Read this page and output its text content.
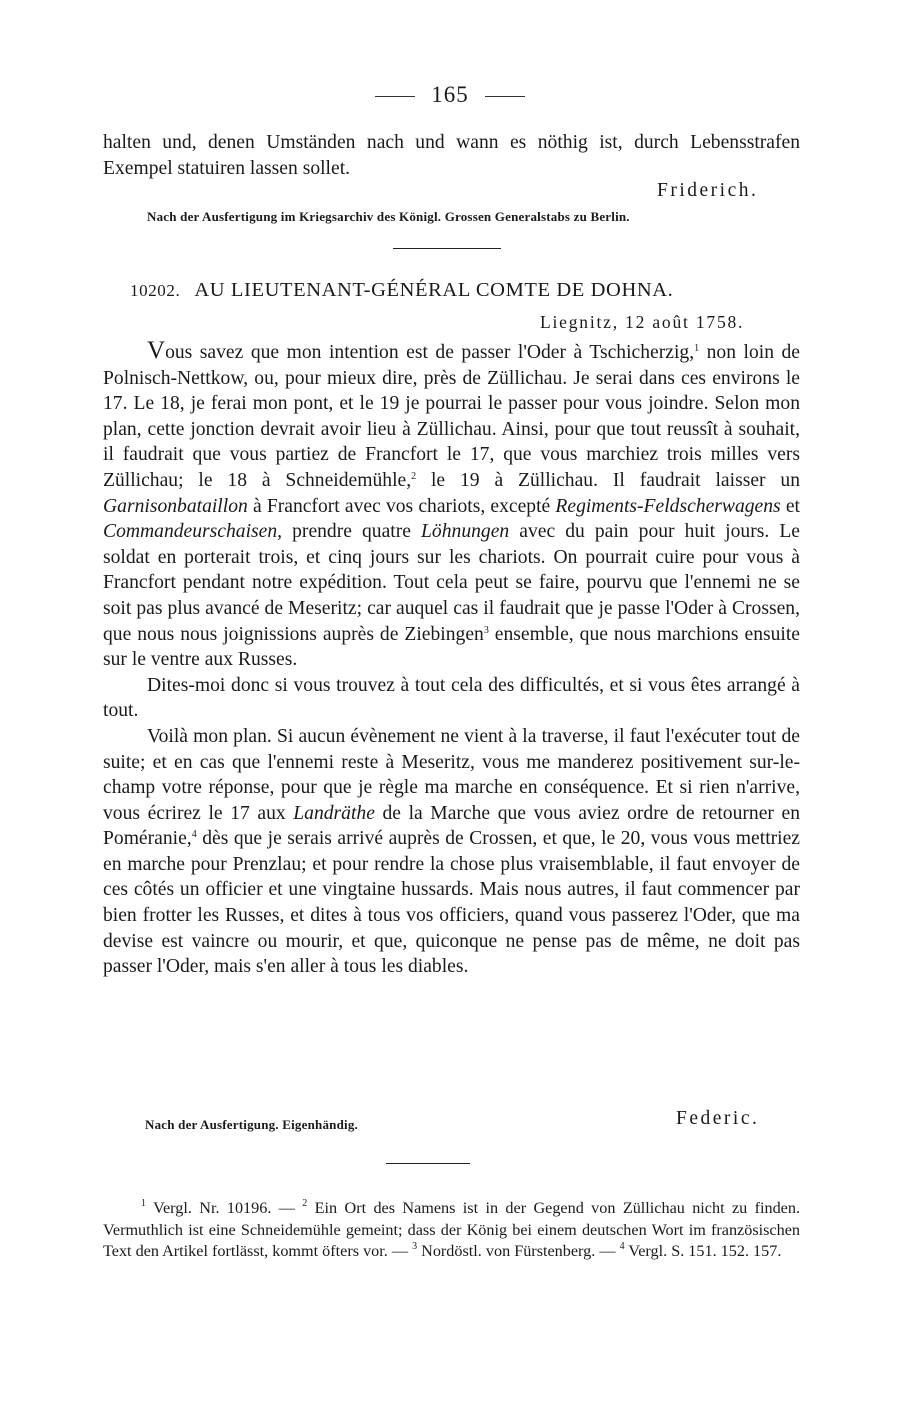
165

halten und, denen Umständen nach und wann es nöthig ist, durch Lebensstrafen Exempel statuiren lassen sollet.

Friderich.
Nach der Ausfertigung im Kriegsarchiv des Königl. Grossen Generalstabs zu Berlin.
10202. AU LIEUTENANT-GÉNÉRAL COMTE DE DOHNA.
Liegnitz, 12 août 1758.

Vous savez que mon intention est de passer l'Oder à Tschicherzig,$^1$ non loin de Polnisch-Nettkow, ou, pour mieux dire, près de Züllichau. Je serai dans ces environs le 17. Le 18, je ferai mon pont, et le 19 je pourrai le passer pour vous joindre. Selon mon plan, cette jonction devrait avoir lieu à Züllichau. Ainsi, pour que tout reussît à souhait, il faudrait que vous partiez de Francfort le 17, que vous marchiez trois milles vers Züllichau; le 18 à Schneidemühle,$^2$ le 19 à Züllichau. Il faudrait laisser un Garnisonbataillon à Francfort avec vos chariots, excepté Regiments-Feldscherwagens et Commandeurschaisen, prendre quatre Löhnungen avec du pain pour huit jours. Le soldat en porterait trois, et cinq jours sur les chariots. On pourrait cuire pour vous à Francfort pendant notre expédition. Tout cela peut se faire, pourvu que l'ennemi ne se soit pas plus avancé de Meseritz; car auquel cas il faudrait que je passe l'Oder à Crossen, que nous nous joignissions auprès de Ziebingen$^3$ ensemble, que nous marchions ensuite sur le ventre aux Russes.

Dites-moi donc si vous trouvez à tout cela des difficultés, et si vous êtes arrangé à tout.

Voilà mon plan. Si aucun évènement ne vient à la traverse, il faut l'exécuter tout de suite; et en cas que l'ennemi reste à Meseritz, vous me manderez positivement sur-le-champ votre réponse, pour que je règle ma marche en conséquence. Et si rien n'arrive, vous écrirez le 17 aux Landräthe de la Marche que vous aviez ordre de retourner en Poméranie,$^4$ dès que je serais arrivé auprès de Crossen, et que, le 20, vous vous mettriez en marche pour Prenzlau; et pour rendre la chose plus vraisemblable, il faut envoyer de ces côtés un officier et une vingtaine hussards. Mais nous autres, il faut commencer par bien frotter les Russes, et dites à tous vos officiers, quand vous passerez l'Oder, que ma devise est vaincre ou mourir, et que, quiconque ne pense pas de même, ne doit pas passer l'Oder, mais s'en aller à tous les diables.

Nach der Ausfertigung. Eigenhändig.	Federic.

$^1$ Vergl. Nr. 10196. — $^2$ Ein Ort des Namens ist in der Gegend von Züllichau nicht zu finden. Vermuthlich ist eine Schneidemühle gemeint; dass der König bei einem deutschen Wort im französischen Text den Artikel fortlässt, kommt öfters vor. — $^3$ Nordöstl. von Fürstenberg. — $^4$ Vergl. S. 151. 152. 157.
